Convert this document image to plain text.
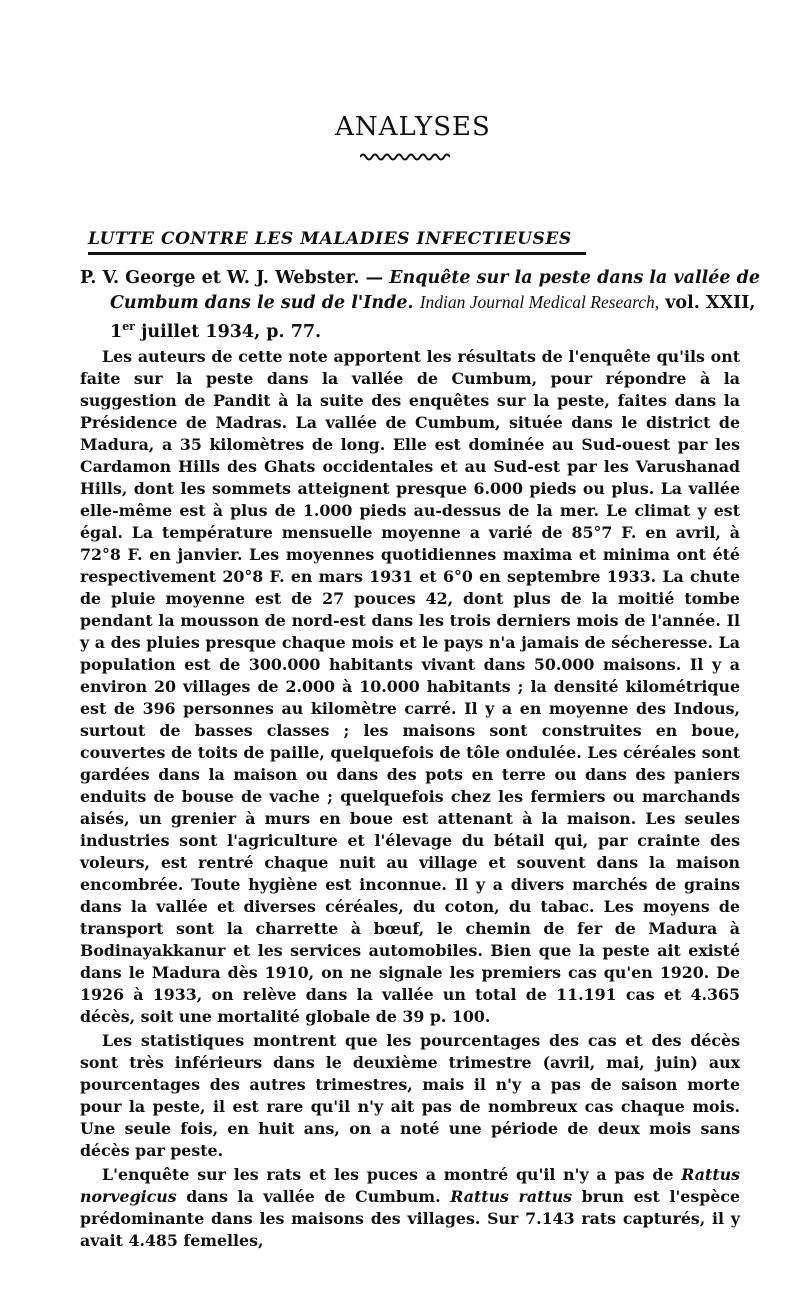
ANALYSES
LUTTE CONTRE LES MALADIES INFECTIEUSES

P. V. George et W. J. Webster. — Enquête sur la peste dans la vallée de Cumbum dans le sud de l'Inde. Indian Journal Medical Research, vol. XXII, 1er juillet 1934, p. 77.

Les auteurs de cette note apportent les résultats de l'enquête qu'ils ont faite sur la peste dans la vallée de Cumbum, pour répondre à la suggestion de Pandit à la suite des enquêtes sur la peste, faites dans la Présidence de Madras. La vallée de Cumbum, située dans le district de Madura, a 35 kilomètres de long. Elle est dominée au Sud-ouest par les Cardamon Hills des Ghats occidentales et au Sud-est par les Varushanad Hills, dont les sommets atteignent presque 6.000 pieds ou plus. La vallée elle-même est à plus de 1.000 pieds au-dessus de la mer. Le climat y est égal. La température mensuelle moyenne a varié de 85°7 F. en avril, à 72°8 F. en janvier. Les moyennes quotidiennes maxima et minima ont été respectivement 20°8 F. en mars 1931 et 6°0 en septembre 1933. La chute de pluie moyenne est de 27 pouces 42, dont plus de la moitié tombe pendant la mousson de nord-est dans les trois derniers mois de l'année. Il y a des pluies presque chaque mois et le pays n'a jamais de sécheresse. La population est de 300.000 habitants vivant dans 50.000 maisons. Il y a environ 20 villages de 2.000 à 10.000 habitants ; la densité kilométrique est de 396 personnes au kilomètre carré. Il y a en moyenne des Indous, surtout de basses classes ; les maisons sont construites en boue, couvertes de toits de paille, quelquefois de tôle ondulée. Les céréales sont gardées dans la maison ou dans des pots en terre ou dans des paniers enduits de bouse de vache ; quelquefois chez les fermiers ou marchands aisés, un grenier à murs en boue est attenant à la maison. Les seules industries sont l'agriculture et l'élevage du bétail qui, par crainte des voleurs, est rentré chaque nuit au village et souvent dans la maison encombrée. Toute hygiène est inconnue. Il y a divers marchés de grains dans la vallée et diverses céréales, du coton, du tabac. Les moyens de transport sont la charrette à bœuf, le chemin de fer de Madura à Bodinayakkanur et les services automobiles. Bien que la peste ait existé dans le Madura dès 1910, on ne signale les premiers cas qu'en 1920. De 1926 à 1933, on relève dans la vallée un total de 11.191 cas et 4.365 décès, soit une mortalité globale de 39 p. 100.

Les statistiques montrent que les pourcentages des cas et des décès sont très inférieurs dans le deuxième trimestre (avril, mai, juin) aux pourcentages des autres trimestres, mais il n'y a pas de saison morte pour la peste, il est rare qu'il n'y ait pas de nombreux cas chaque mois. Une seule fois, en huit ans, on a noté une période de deux mois sans décès par peste.

L'enquête sur les rats et les puces a montré qu'il n'y a pas de Rattus norvegicus dans la vallée de Cumbum. Rattus rattus brun est l'espèce prédominante dans les maisons des villages. Sur 7.143 rats capturés, il y avait 4.485 femelles,
